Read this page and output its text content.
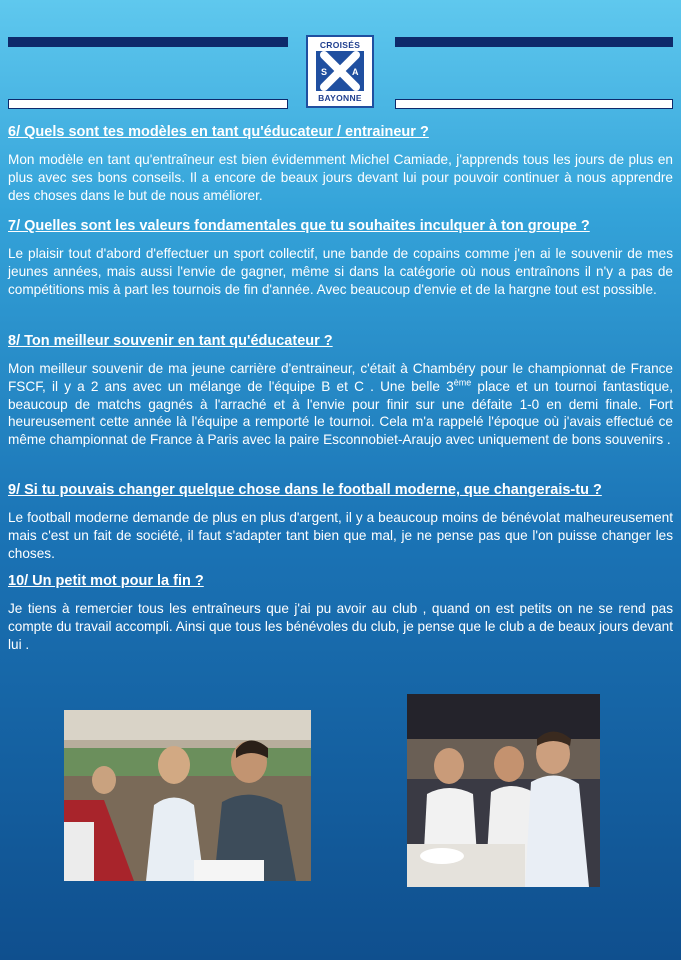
CROISÉS
S	A
BAYONNE

6/ Quels sont tes modèles en tant qu'éducateur / entraineur ?

Mon modèle en tant qu'entraîneur est bien évidemment Michel Camiade, j'apprends tous les jours de plus en plus avec ses bons conseils. Il a encore de beaux jours devant lui pour pouvoir continuer à nous apprendre des choses dans le but de nous améliorer.

7/ Quelles sont les valeurs fondamentales que tu souhaites inculquer à ton groupe ?

Le plaisir tout d'abord d'effectuer un sport collectif, une bande de copains comme j'en ai le souvenir de mes jeunes années, mais aussi l'envie de gagner, même si dans la catégorie où nous entraînons il n'y a pas de compétitions mis à part les tournois de fin d'année. Avec beaucoup d'envie et de la hargne tout est possible.

8/ Ton meilleur souvenir en tant qu'éducateur ?

Mon meilleur souvenir de ma jeune carrière d'entraineur, c'était à Chambéry pour le championnat de France FSCF, il y a 2 ans avec un mélange de l'équipe B et C . Une belle 3ème place et un tournoi fantastique, beaucoup de matchs gagnés à l'arraché et à l'envie pour finir sur une défaite 1-0 en demi finale. Fort heureusement cette année là l'équipe a remporté le tournoi. Cela m'a rappelé l'époque où j'avais effectué ce même championnat de France à Paris avec la paire Esconnobiet-Araujo avec uniquement de bons souvenirs .

9/ Si tu pouvais changer quelque chose dans le football moderne, que changerais-tu ?

Le football moderne demande de plus en plus d'argent, il y a beaucoup moins de bénévolat malheureusement mais c'est un fait de société, il faut s'adapter tant bien que mal, je ne pense pas que l'on puisse changer les choses.

10/ Un petit mot pour la fin ?

Je tiens à remercier tous les entraîneurs que j'ai pu avoir au club , quand on est petits on ne se rend pas compte du travail accompli. Ainsi que tous les bénévoles du club, je pense que le club a de beaux jours devant lui .
